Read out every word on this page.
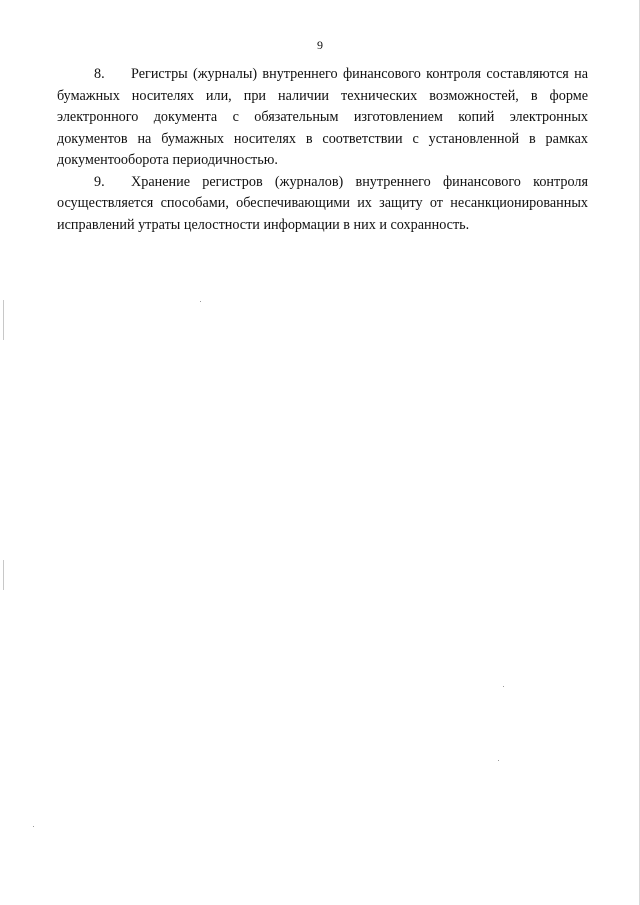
9

8. Регистры (журналы) внутреннего финансового контроля составляются на бумажных носителях или, при наличии технических возможностей, в форме электронного документа с обязательным изготовлением копий электронных документов на бумажных носителях в соответствии с установленной в рамках документооборота периодичностью.

9. Хранение регистров (журналов) внутреннего финансового контроля осуществляется способами, обеспечивающими их защиту от несанкционированных исправлений утраты целостности информации в них и сохранность.
